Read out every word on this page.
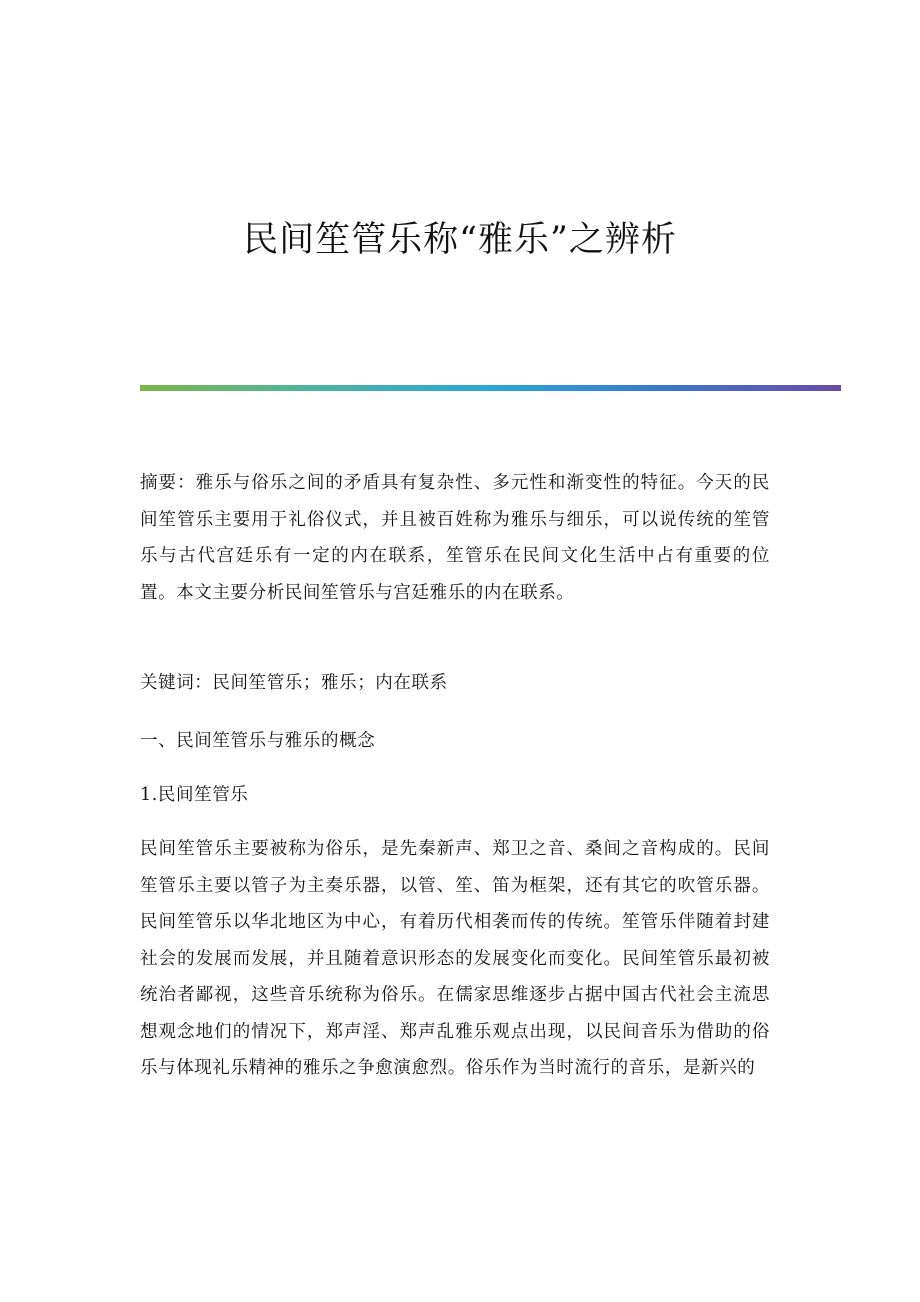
民间笙管乐称“雅乐”之辨析

摘要：雅乐与俗乐之间的矛盾具有复杂性、多元性和渐变性的特征。今天的民间笙管乐主要用于礼俗仪式，并且被百姓称为雅乐与细乐，可以说传统的笙管乐与古代宫廷乐有一定的内在联系，笙管乐在民间文化生活中占有重要的位置。本文主要分析民间笙管乐与宫廷雅乐的内在联系。

关键词：民间笙管乐；雅乐；内在联系

一、民间笙管乐与雅乐的概念

1.民间笙管乐

民间笙管乐主要被称为俗乐，是先秦新声、郑卫之音、桑间之音构成的。民间笙管乐主要以管子为主奏乐器，以管、笙、笛为框架，还有其它的吹管乐器。民间笙管乐以华北地区为中心，有着历代相袭而传的传统。笙管乐伴随着封建社会的发展而发展，并且随着意识形态的发展变化而变化。民间笙管乐最初被统治者鄙视，这些音乐统称为俗乐。在儒家思维逐步占据中国古代社会主流思想观念地们的情况下，郑声淫、郑声乱雅乐观点出现，以民间音乐为借助的俗乐与体现礼乐精神的雅乐之争愈演愈烈。俗乐作为当时流行的音乐，是新兴的
